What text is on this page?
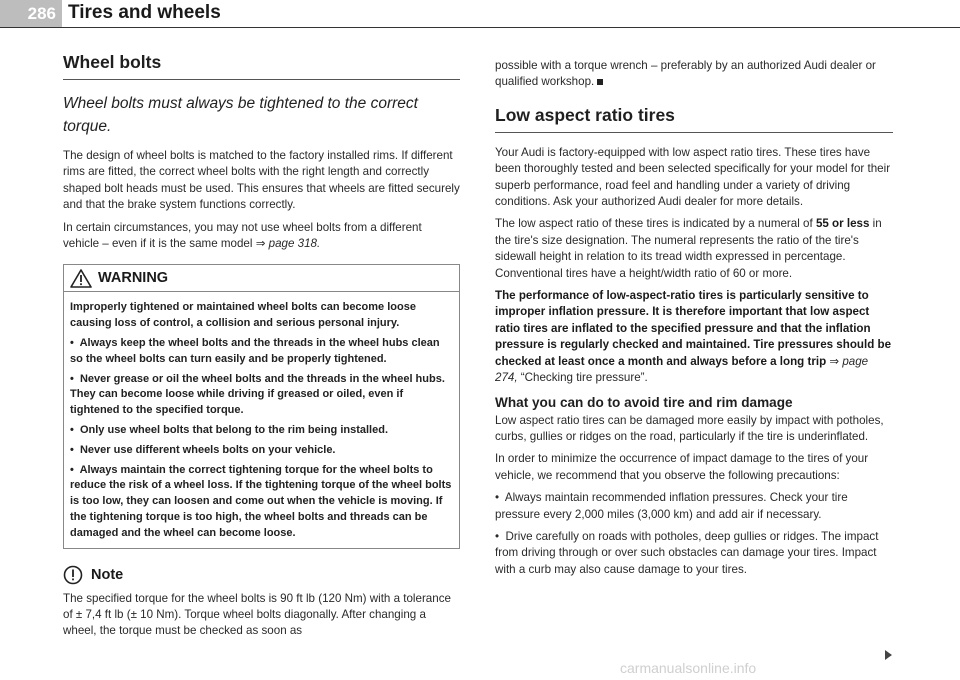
286 Tires and wheels
Wheel bolts
Wheel bolts must always be tightened to the correct torque.

The design of wheel bolts is matched to the factory installed rims. If different rims are fitted, the correct wheel bolts with the right length and correctly shaped bolt heads must be used. This ensures that wheels are fitted securely and that the brake system functions correctly.

In certain circumstances, you may not use wheel bolts from a different vehicle – even if it is the same model ⇒ page 318.

WARNING

Improperly tightened or maintained wheel bolts can become loose causing loss of control, a collision and serious personal injury.

•  Always keep the wheel bolts and the threads in the wheel hubs clean so the wheel bolts can turn easily and be properly tightened.

•  Never grease or oil the wheel bolts and the threads in the wheel hubs. They can become loose while driving if greased or oiled, even if tightened to the specified torque.

•  Only use wheel bolts that belong to the rim being installed.

•  Never use different wheels bolts on your vehicle.

•  Always maintain the correct tightening torque for the wheel bolts to reduce the risk of a wheel loss. If the tightening torque of the wheel bolts is too low, they can loosen and come out when the vehicle is moving. If the tightening torque is too high, the wheel bolts and threads can be damaged and the wheel can become loose.

Note

The specified torque for the wheel bolts is 90 ft lb (120 Nm) with a tolerance of ± 7,4 ft lb (± 10 Nm). Torque wheel bolts diagonally. After changing a wheel, the torque must be checked as soon as

possible with a torque wrench – preferably by an authorized Audi dealer or qualified workshop.

Low aspect ratio tires

Your Audi is factory-equipped with low aspect ratio tires. These tires have been thoroughly tested and been selected specifically for your model for their superb performance, road feel and handling under a variety of driving conditions. Ask your authorized Audi dealer for more details.

The low aspect ratio of these tires is indicated by a numeral of 55 or less in the tire's size designation. The numeral represents the ratio of the tire's sidewall height in relation to its tread width expressed in percentage. Conventional tires have a height/width ratio of 60 or more.

The performance of low-aspect-ratio tires is particularly sensitive to improper inflation pressure. It is therefore important that low aspect ratio tires are inflated to the specified pressure and that the inflation pressure is regularly checked and maintained. Tire pressures should be checked at least once a month and always before a long trip ⇒ page 274, “Checking tire pressure”.

What you can do to avoid tire and rim damage

Low aspect ratio tires can be damaged more easily by impact with potholes, curbs, gullies or ridges on the road, particularly if the tire is underinflated.

In order to minimize the occurrence of impact damage to the tires of your vehicle, we recommend that you observe the following precautions:

•  Always maintain recommended inflation pressures. Check your tire pressure every 2,000 miles (3,000 km) and add air if necessary.

•  Drive carefully on roads with potholes, deep gullies or ridges. The impact from driving through or over such obstacles can damage your tires. Impact with a curb may also cause damage to your tires.

carmanualsonline.info
